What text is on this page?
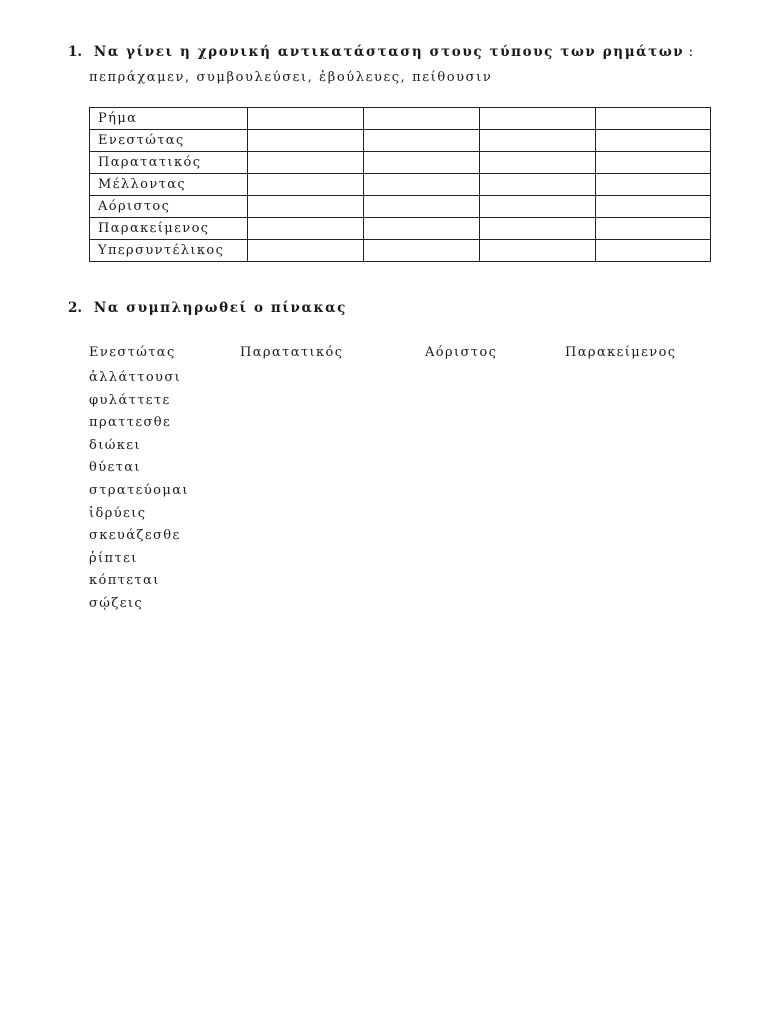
1. Να γίνει η χρονική αντικατάσταση στους τύπους των ρημάτων :
πεπράχαμεν, συμβουλεύσει, ἐβούλευες, πείθουσιν
Ρήμα				
Ενεστώτας				
Παρατατικός				
Μέλλοντας				
Αόριστος				
Παρακείμενος				
Υπερσυντέλικος				
2. Να συμπληρωθεί ο πίνακας
Ενεστώτας	Παρατατικός	Αόριστος	Παρακείμενος
ἀλλάττουσι
φυλάττετε
πραττεσθε
διώκει
θύεται
στρατεύομαι
ἱδρύεις
σκευάζεσθε
ῥίπτει
κόπτεται
σῴζεις
